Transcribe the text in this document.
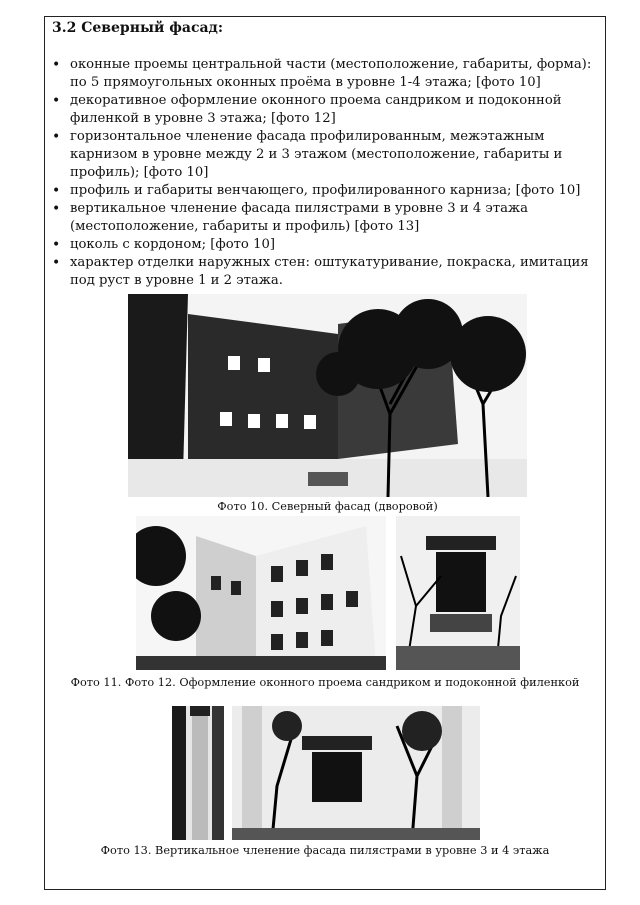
3.2 Северный фасад:
• оконные проемы центральной части (местоположение, габариты, форма): по 5 прямоугольных оконных проёма в уровне 1-4 этажа; [фото 10]
• декоративное оформление оконного проема сандриком и подоконной филенкой в уровне 3 этажа; [фото 12]
• горизонтальное членение фасада профилированным, межэтажным карнизом в уровне между 2 и 3 этажом (местоположение, габариты и профиль); [фото 10]
• профиль и габариты венчающего, профилированного карниза; [фото 10]
• вертикальное членение фасада пилястрами в уровне 3 и 4 этажа (местоположение, габариты и профиль) [фото 13]
• цоколь с кордоном; [фото 10]
• характер отделки наружных стен: оштукатуривание, покраска, имитация под руст в уровне 1 и 2 этажа.
Фото 10. Северный фасад (дворовой)
Фото 11. Фото 12. Оформление оконного проема сандриком и подоконной филенкой
Фото 13. Вертикальное членение фасада пилястрами в уровне 3 и 4 этажа
